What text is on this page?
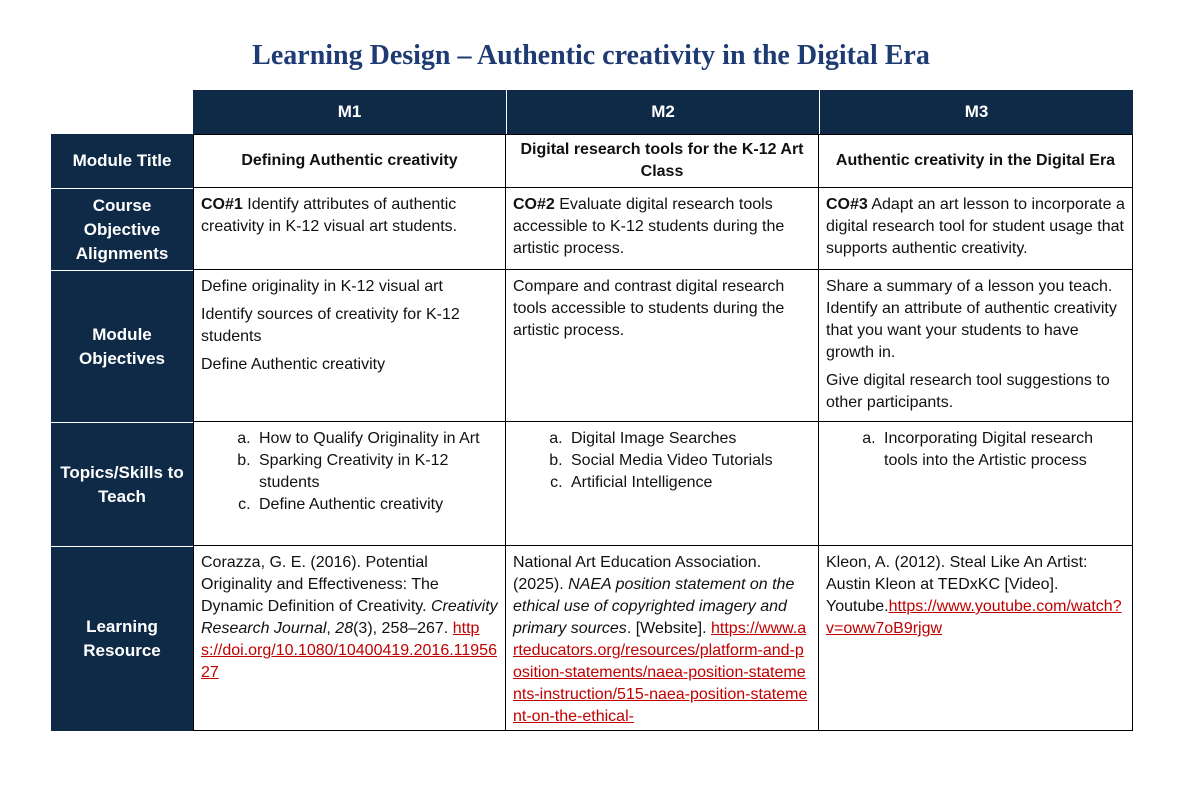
Learning Design – Authentic creativity in the Digital Era
M1	M2	M3
Module Title
Course Objective Alignments
Module Objectives
Topics/Skills to Teach
Learning Resource
Defining Authentic creativity
Digital research tools for the K-12 Art Class
Authentic creativity in the Digital Era
CO#1 Identify attributes of authentic creativity in K-12 visual art students.
CO#2 Evaluate digital research tools accessible to K-12 students during the artistic process.
CO#3 Adapt an art lesson to incorporate a digital research tool for student usage that supports authentic creativity.

Define originality in K-12 visual art

Identify sources of creativity for K-12 students

Define Authentic creativity

Compare and contrast digital research tools accessible to students during the artistic process.

Share a summary of a lesson you teach. Identify an attribute of authentic creativity that you want your students to have growth in.

Give digital research tool suggestions to other participants.

a. How to Qualify Originality in Art
b. Sparking Creativity in K-12 students
c. Define Authentic creativity
a. Digital Image Searches
b. Social Media Video Tutorials
c. Artificial Intelligence
a. Incorporating Digital research tools into the Artistic process
Corazza, G. E. (2016). Potential Originality and Effectiveness: The Dynamic Definition of Creativity. Creativity Research Journal, 28(3), 258–267. https://doi.org/10.1080/10400419.2016.1195627
National Art Education Association. (2025). NAEA position statement on the ethical use of copyrighted imagery and primary sources. [Website]. https://www.arteducators.org/resources/platform-and-position-statements/naea-position-statements-instruction/515-naea-position-statement-on-the-ethical-
Kleon, A. (2012). Steal Like An Artist: Austin Kleon at TEDxKC [Video]. Youtube.https://www.youtube.com/watch?v=oww7oB9rjgw
